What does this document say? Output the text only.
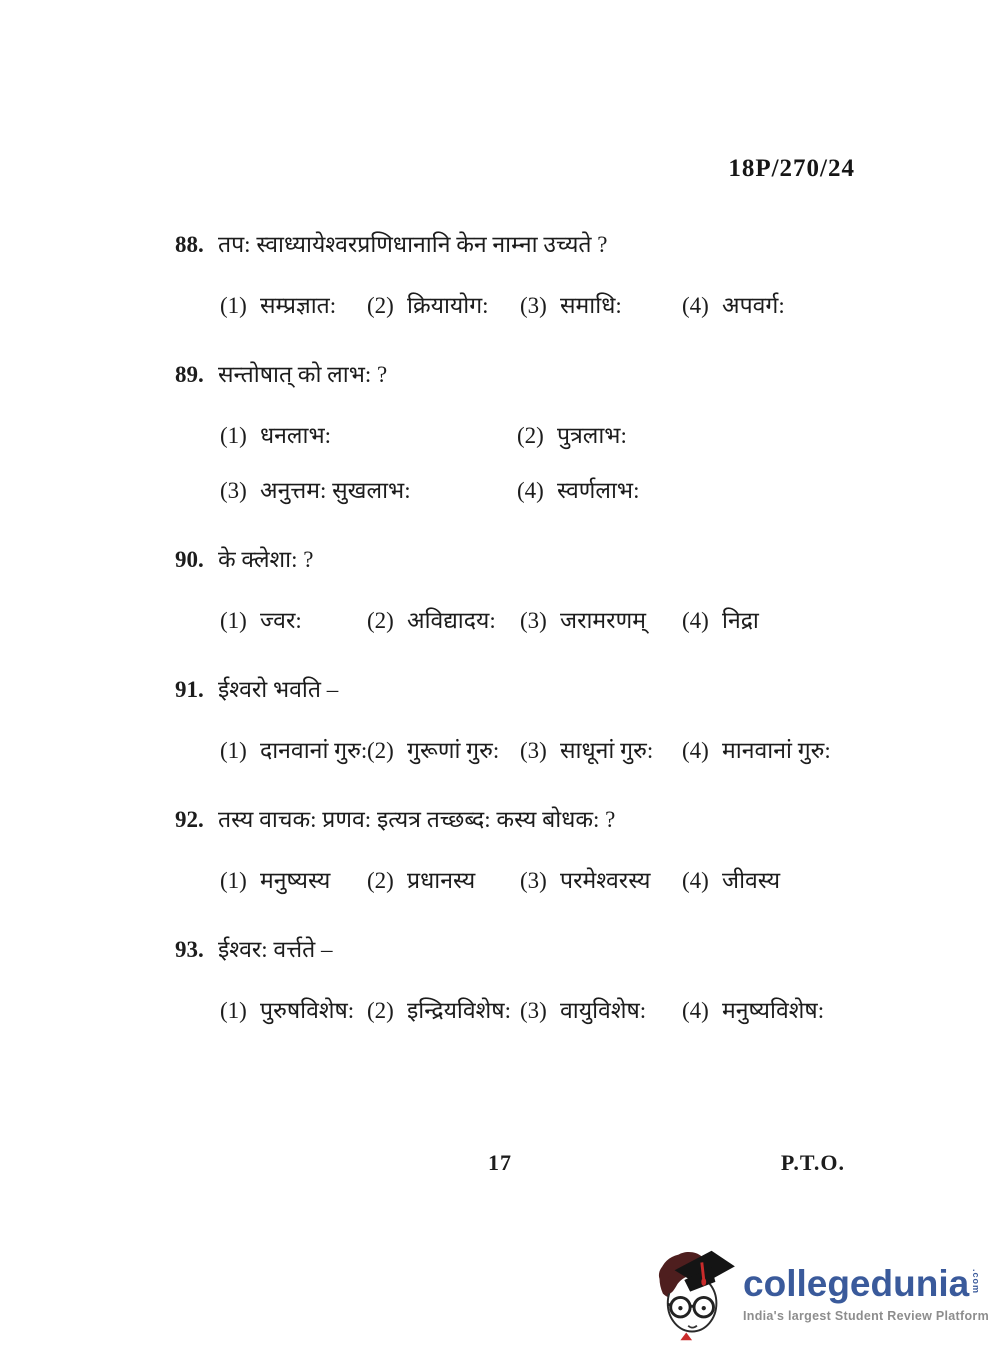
18P/270/24
88. तप: स्वाध्यायेश्वरप्रणिधानानि केन नाम्ना उच्यते ?
(1) सम्प्रज्ञात: (2) क्रियायोग: (3) समाधि:	(4) अपवर्ग:
89. सन्तोषात् को लाभ: ?
(1) धनलाभ:	(2) पुत्रलाभ:
(3) अनुत्तम: सुखलाभ:	(4) स्वर्णलाभ:
90. के क्लेशा: ?
(1) ज्वर:	(2) अविद्यादय: (3) जरामरणम् (4) निद्रा
91. ईश्वरो भवति –
(1) दानवानां गुरु: (2) गुरूणां गुरु: (3) साधूनां गुरु: (4) मानवानां गुरु:
92. तस्य वाचक: प्रणव: इत्यत्र तच्छब्द: कस्य बोधक: ?
(1) मनुष्यस्य (2) प्रधानस्य (3) परमेश्वरस्य (4) जीवस्य
93. ईश्वर: वर्त्तते –
(1) पुरुषविशेष: (2) इन्द्रियविशेष: (3) वायुविशेष: (4) मनुष्यविशेष:
17	P.T.O.
collegedunia .com
India's largest Student Review Platform
